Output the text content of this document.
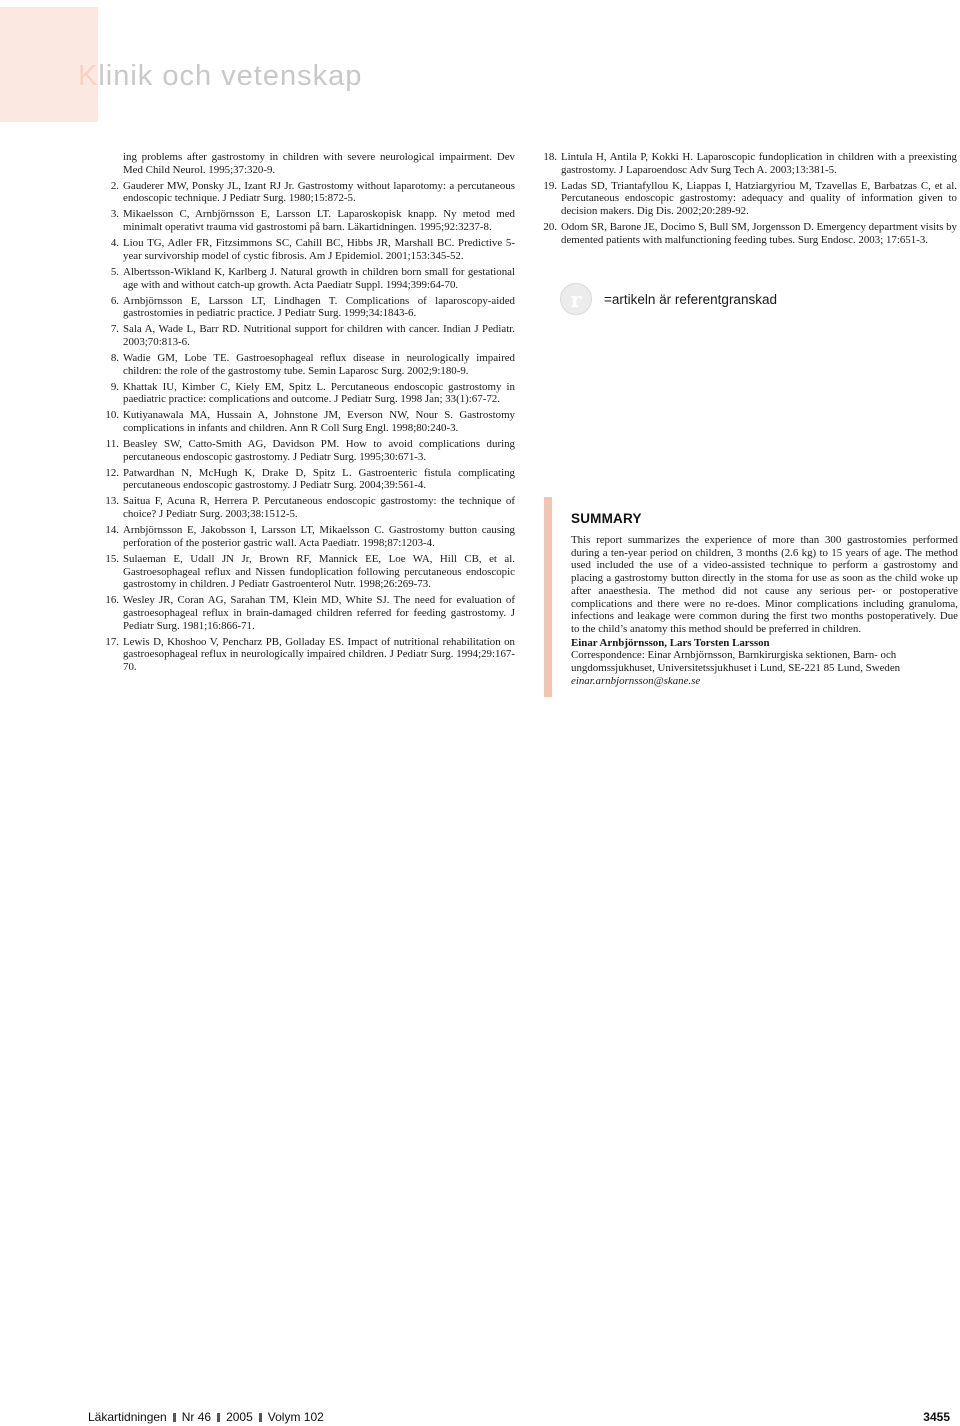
Klinik och vetenskap
ing problems after gastrostomy in children with severe neurological impairment. Dev Med Child Neurol. 1995;37:320-9.
2. Gauderer MW, Ponsky JL, Izant RJ Jr. Gastrostomy without laparotomy: a percutaneous endoscopic technique. J Pediatr Surg. 1980;15:872-5.
3. Mikaelsson C, Arnbjörnsson E, Larsson LT. Laparoskopisk knapp. Ny metod med minimalt operativt trauma vid gastrostomi på barn. Läkartidningen. 1995;92:3237-8.
4. Liou TG, Adler FR, Fitzsimmons SC, Cahill BC, Hibbs JR, Marshall BC. Predictive 5-year survivorship model of cystic fibrosis. Am J Epidemiol. 2001;153:345-52.
5. Albertsson-Wikland K, Karlberg J. Natural growth in children born small for gestational age with and without catch-up growth. Acta Paediatr Suppl. 1994;399:64-70.
6. Arnbjörnsson E, Larsson LT, Lindhagen T. Complications of laparoscopy-aided gastrostomies in pediatric practice. J Pediatr Surg. 1999;34:1843-6.
7. Sala A, Wade L, Barr RD. Nutritional support for children with cancer. Indian J Pediatr. 2003;70:813-6.
8. Wadie GM, Lobe TE. Gastroesophageal reflux disease in neurologically impaired children: the role of the gastrostomy tube. Semin Laparosc Surg. 2002;9:180-9.
9. Khattak IU, Kimber C, Kiely EM, Spitz L. Percutaneous endoscopic gastrostomy in paediatric practice: complications and outcome. J Pediatr Surg. 1998 Jan; 33(1):67-72.
10. Kutiyanawala MA, Hussain A, Johnstone JM, Everson NW, Nour S. Gastrostomy complications in infants and children. Ann R Coll Surg Engl. 1998;80:240-3.
11. Beasley SW, Catto-Smith AG, Davidson PM. How to avoid complications during percutaneous endoscopic gastrostomy. J Pediatr Surg. 1995;30:671-3.
12. Patwardhan N, McHugh K, Drake D, Spitz L. Gastroenteric fistula complicating percutaneous endoscopic gastrostomy. J Pediatr Surg. 2004;39:561-4.
13. Saitua F, Acuna R, Herrera P. Percutaneous endoscopic gastrostomy: the technique of choice? J Pediatr Surg. 2003;38:1512-5.
14. Arnbjörnsson E, Jakobsson I, Larsson LT, Mikaelsson C. Gastrostomy button causing perforation of the posterior gastric wall. Acta Paediatr. 1998;87:1203-4.
15. Sulaeman E, Udall JN Jr, Brown RF, Mannick EE, Loe WA, Hill CB, et al. Gastroesophageal reflux and Nissen fundoplication following percutaneous endoscopic gastrostomy in children. J Pediatr Gastroenterol Nutr. 1998;26:269-73.
16. Wesley JR, Coran AG, Sarahan TM, Klein MD, White SJ. The need for evaluation of gastroesophageal reflux in brain-damaged children referred for feeding gastrostomy. J Pediatr Surg. 1981;16:866-71.
17. Lewis D, Khoshoo V, Pencharz PB, Golladay ES. Impact of nutritional rehabilitation on gastroesophageal reflux in neurologically impaired children. J Pediatr Surg. 1994;29:167-70.
18. Lintula H, Antila P, Kokki H. Laparoscopic fundoplication in children with a preexisting gastrostomy. J Laparoendosc Adv Surg Tech A. 2003;13:381-5.
19. Ladas SD, Triantafyllou K, Liappas I, Hatziargyriou M, Tzavellas E, Barbatzas C, et al. Percutaneous endoscopic gastrostomy: adequacy and quality of information given to decision makers. Dig Dis. 2002;20:289-92.
20. Odom SR, Barone JE, Docimo S, Bull SM, Jorgensson D. Emergency department visits by demented patients with malfunctioning feeding tubes. Surg Endosc. 2003; 17:651-3.
r	=artikeln är referentgranskad
SUMMARY

This report summarizes the experience of more than 300 gastrostomies performed during a ten-year period on children, 3 months (2.6 kg) to 15 years of age. The method used included the use of a video-assisted technique to perform a gastrostomy and placing a gastrostomy button directly in the stoma for use as soon as the child woke up after anaesthesia. The method did not cause any serious per- or postoperative complications and there were no re-does. Minor complications including granuloma, infections and leakage were common during the first two months postoperatively. Due to the child’s anatomy this method should be preferred in children.

Einar Arnbjörnsson, Lars Torsten Larsson

Correspondence: Einar Arnbjörnsson, Barnkirurgiska sektionen, Barn- och ungdomssjukhuset, Universitetssjukhuset i Lund, SE-221 85 Lund, Sweden

einar.arnbjornsson@skane.se

Läkartidningen Nr 46 2005 Volym 102	3455
